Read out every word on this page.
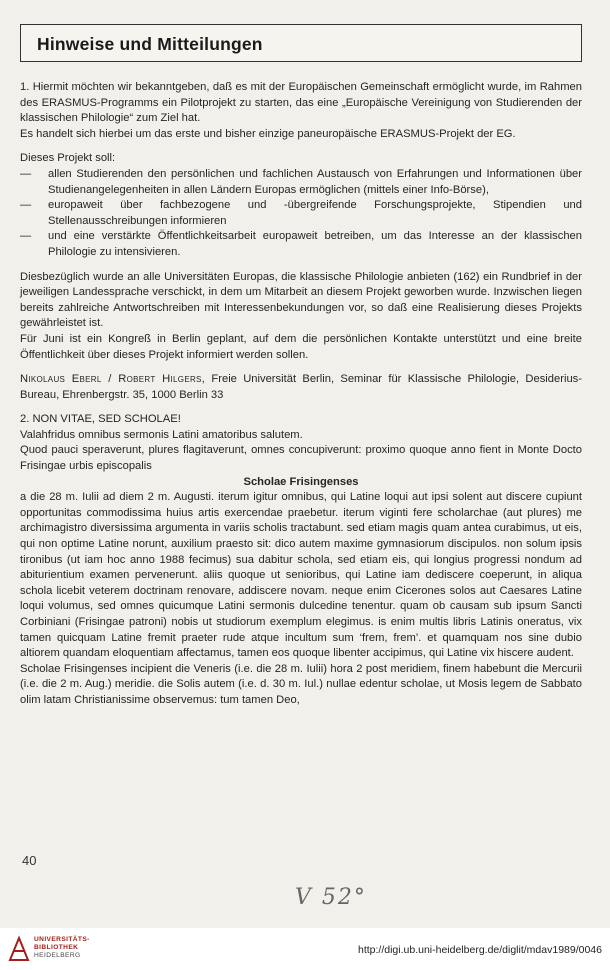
Hinweise und Mitteilungen

1. Hiermit möchten wir bekanntgeben, daß es mit der Europäischen Gemeinschaft ermöglicht wurde, im Rahmen des ERASMUS-Programms ein Pilotprojekt zu starten, das eine „Europäische Vereinigung von Studierenden der klassischen Philologie“ zum Ziel hat.

Es handelt sich hierbei um das erste und bisher einzige paneuropäische ERASMUS-Projekt der EG.

Dieses Projekt soll:

— allen Studierenden den persönlichen und fachlichen Austausch von Erfahrungen und Informationen über Studienangelegenheiten in allen Ländern Europas ermöglichen (mittels einer Info-Börse),
— europaweit über fachbezogene und -übergreifende Forschungsprojekte, Stipendien und Stellenausschreibungen informieren
— und eine verstärkte Öffentlichkeitsarbeit europaweit betreiben, um das Interesse an der klassischen Philologie zu intensivieren.

Diesbezüglich wurde an alle Universitäten Europas, die klassische Philologie anbieten (162) ein Rundbrief in der jeweiligen Landessprache verschickt, in dem um Mitarbeit an diesem Projekt geworben wurde. Inzwischen liegen bereits zahlreiche Antwortschreiben mit Interessenbekundungen vor, so daß eine Realisierung dieses Projekts gewährleistet ist.

Für Juni ist ein Kongreß in Berlin geplant, auf dem die persönlichen Kontakte unterstützt und eine breite Öffentlichkeit über dieses Projekt informiert werden sollen.

Nikolaus Eberl / Robert Hilgers, Freie Universität Berlin, Seminar für Klassische Philologie, Desiderius-Bureau, Ehrenbergstr. 35, 1000 Berlin 33

2. NON VITAE, SED SCHOLAE!

Valahfridus omnibus sermonis Latini amatoribus salutem.

Quod pauci speraverunt, plures flagitaverunt, omnes concupiverunt: proximo quoque anno fient in Monte Docto Frisingae urbis episcopalis

Scholae Frisingenses

a die 28 m. Iulii ad diem 2 m. Augusti. iterum igitur omnibus, qui Latine loqui aut ipsi solent aut discere cupiunt opportunitas commodissima huius artis exercendae praebetur. iterum viginti fere scholarchae (aut plures) me archimagistro diversissima argumenta in variis scholis tractabunt. sed etiam magis quam antea curabimus, ut eis, qui non optime Latine norunt, auxilium praesto sit: dico autem maxime gymnasiorum discipulos. non solum ipsis tironibus (ut iam hoc anno 1988 fecimus) sua dabitur schola, sed etiam eis, qui longius progressi nondum ad abiturientium examen pervenerunt. aliis quoque ut senioribus, qui Latine iam dediscere coeperunt, in aliqua schola licebit veterem doctrinam renovare, addiscere novam. neque enim Cicerones solos aut Caesares Latine loqui volumus, sed omnes quicumque Latini sermonis dulcedine tenentur. quam ob causam sub ipsum Sancti Corbiniani (Frisingae patroni) nobis ut studiorum exemplum elegimus. is enim multis libris Latinis oneratus, vix tamen quicquam Latine fremit praeter rude atque incultum sum ‘frem, frem’. et quamquam nos sine dubio altiorem quandam eloquentiam affectamus, tamen eos quoque libenter accipimus, qui Latine vix hiscere audent.

Scholae Frisingenses incipient die Veneris (i.e. die 28 m. Iulii) hora 2 post meridiem, finem habebunt die Mercurii (i.e. die 2 m. Aug.) meridie. die Solis autem (i.e. d. 30 m. Iul.) nullae edentur scholae, ut Mosis legem de Sabbato olim latam Christianissime observemus: tum tamen Deo,

40
V 52°
UNIVERSITÄTS-
BIBLIOTHEK
HEIDELBERG	http://digi.ub.uni-heidelberg.de/diglit/mdav1989/0046
